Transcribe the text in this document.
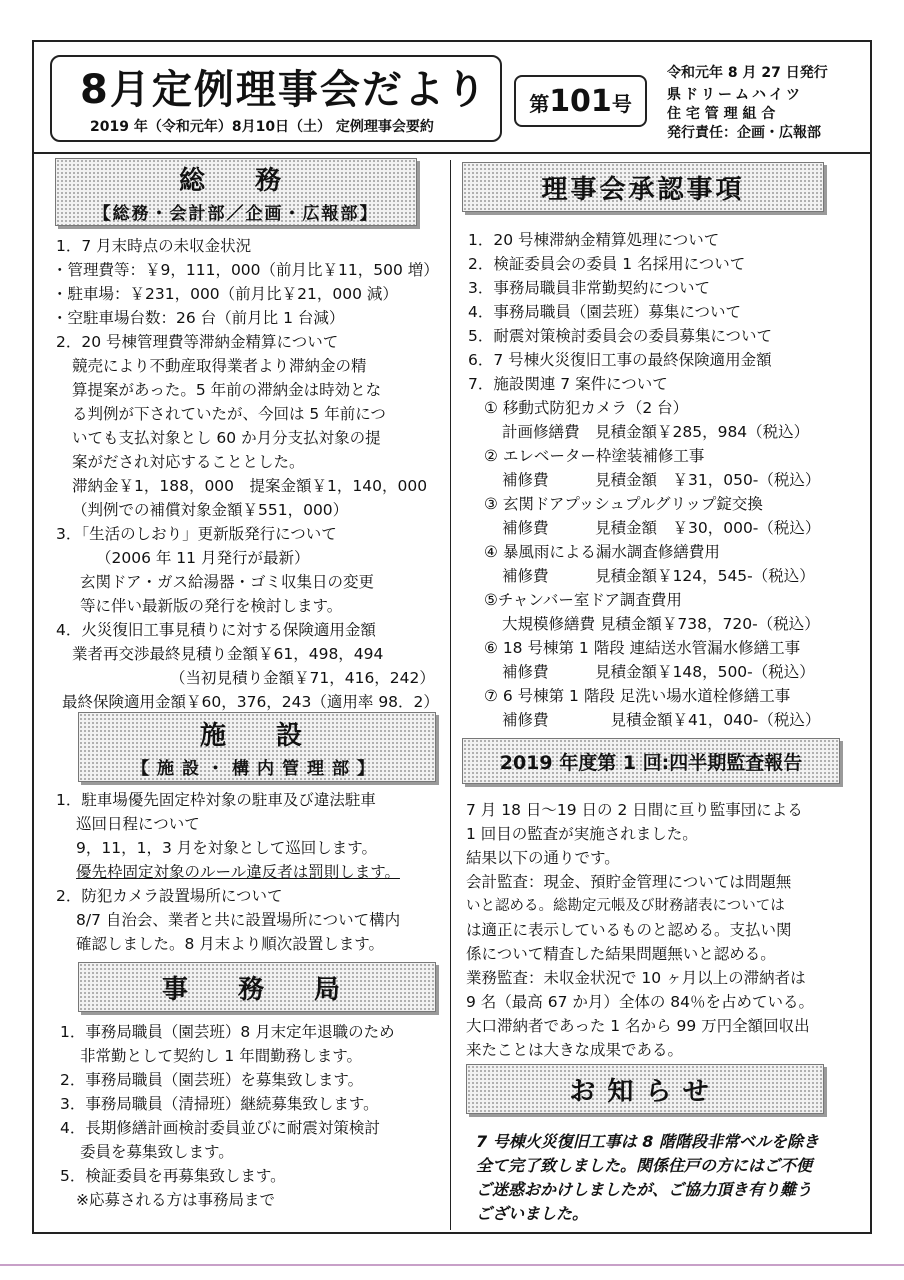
8月定例理事会だより
2019 年（令和元年）8月10日（土） 定例理事会要約
第101号
令和元年 8 月 27 日発行
県ドリームハイツ
住 宅 管 理 組 合
発行責任：企画・広報部
総　務
【総務・会計部／企画・広報部】
1．7 月末時点の未収金状況
・管理費等：￥9，111，000（前月比￥11，500 増）
・駐車場：￥231，000（前月比￥21，000 減）
・空駐車場台数：26 台（前月比 1 台減）
2．20 号棟管理費等滞納金精算について
競売により不動産取得業者より滞納金の精
算提案があった。5 年前の滞納金は時効とな
る判例が下されていたが、今回は 5 年前につ
いても支払対象とし 60 か月分支払対象の提
案がだされ対応することとした。
滞納金￥1，188，000　提案金額￥1，140，000
（判例での補償対象金額￥551，000）
3．「生活のしおり」更新版発行について
（2006 年 11 月発行が最新）
玄関ドア・ガス給湯器・ゴミ収集日の変更
等に伴い最新版の発行を検討します。
4．火災復旧工事見積りに対する保険適用金額
業者再交渉最終見積り金額￥61，498，494
（当初見積り金額￥71，416，242）
最終保険適用金額￥60，376，243（適用率 98．2）
施　設
【施設・構内管理部】
1．駐車場優先固定枠対象の駐車及び違法駐車
巡回日程について
9，11，1，3 月を対象として巡回します。
優先枠固定対象のルール違反者は罰則します。
2．防犯カメラ設置場所について
8/7 自治会、業者と共に設置場所について構内
確認しました。8 月末より順次設置します。
事　務　局
1．事務局職員（園芸班）8 月末定年退職のため
非常勤として契約し 1 年間勤務します。
2．事務局職員（園芸班）を募集致します。
3．事務局職員（清掃班）継続募集致します。
4．長期修繕計画検討委員並びに耐震対策検討
委員を募集致します。
5．検証委員を再募集致します。
※応募される方は事務局まで
理事会承認事項
1．20 号棟滞納金精算処理について
2．検証委員会の委員 1 名採用について
3．事務局職員非常勤契約について
4．事務局職員（園芸班）募集について
5．耐震対策検討委員会の委員募集について
6．7 号棟火災復旧工事の最終保険適用金額
7．施設関連 7 案件について
① 移動式防犯カメラ（2 台）
計画修繕費　見積金額￥285，984（税込）
② エレベーター枠塗装補修工事
補修費　　　見積金額　￥31，050-（税込）
③ 玄関ドアプッシュプルグリップ錠交換
補修費　　　見積金額　￥30，000-（税込）
④ 暴風雨による漏水調査修繕費用
補修費　　　見積金額￥124，545-（税込）
⑤チャンバー室ドア調査費用
大規模修繕費 見積金額￥738，720-（税込）
⑥ 18 号棟第 1 階段 連結送水管漏水修繕工事
補修費　　　見積金額￥148，500-（税込）
⑦ 6 号棟第 1 階段 足洗い場水道栓修繕工事
補修費　　　　見積金額￥41，040-（税込）
2019 年度第 1 回:四半期監査報告
7 月 18 日〜19 日の 2 日間に亘り監事団による
1 回目の監査が実施されました。
結果以下の通りです。
会計監査：現金、預貯金管理については問題無
いと認める。総勘定元帳及び財務諸表については
は適正に表示しているものと認める。支払い関
係について精査した結果問題無いと認める。
業務監査：未収金状況で 10 ヶ月以上の滞納者は
9 名（最高 67 か月）全体の 84％を占めている。
大口滞納者であった 1 名から 99 万円全額回収出
来たことは大きな成果である。
お知らせ
7 号棟火災復旧工事は 8 階階段非常ベルを除き
全て完了致しました。関係住戸の方にはご不便
ご迷惑おかけしましたが、ご協力頂き有り難う
ございました。
